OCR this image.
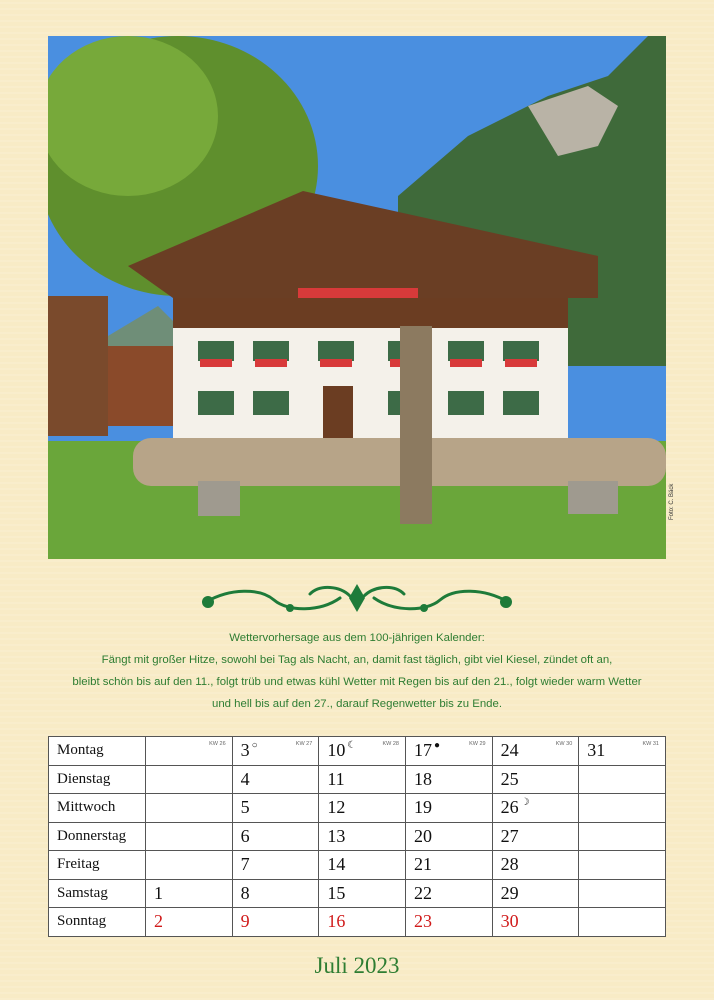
Foto: C. Bäck
Wettervorhersage aus dem 100-jährigen Kalender:
Fängt mit großer Hitze, sowohl bei Tag als Nacht, an, damit fast täglich, gibt viel Kiesel, zündet oft an,
bleibt schön bis auf den 11., folgt trüb und etwas kühl Wetter mit Regen bis auf den 21., folgt wieder warm Wetter
und hell bis auf den 27., darauf Regenwetter bis zu Ende.
Montag	KW 26	3 ○ KW 27	10 ☾ KW 28	17 ● KW 29	24 KW 30	31 KW 31

Dienstag		4	11	18	25	

Mittwoch		5	12	19	26 ☽

Donnerstag		6	13	20	27	

Freitag		7	14	21	28	

Samstag	1	8	15	22	29	

Sonntag	2	9	16	23	30	

Juli 2023
